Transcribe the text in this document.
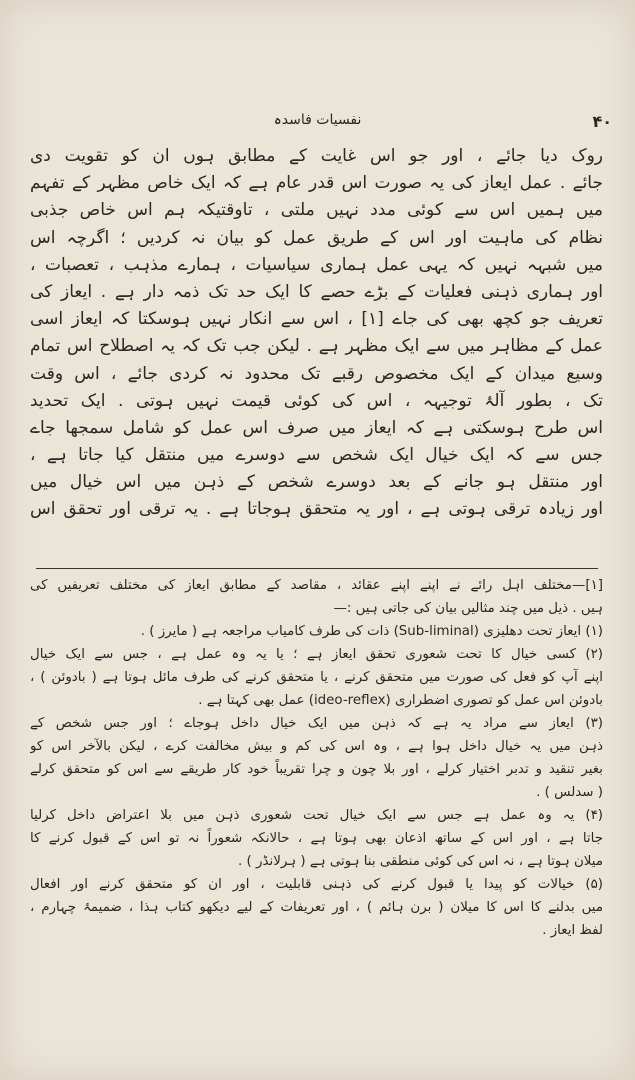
۴۰
نفسیات فاسدہ
روک دیا جائے ، اور جو اس غایت کے مطابق ہوں ان کو تقویت دی
جائے . عمل ایعاز کی یہ صورت اس قدر عام ہے کہ ایک خاص مظہر کے تفہم
میں ہمیں اس سے کوئی مدد نہیں ملتی ، تاوقتیکہ ہم اس خاص جذبی
نظام کی ماہیت اور اس کے طریق عمل کو بیان نہ کردیں ؛ اگرچہ اس
میں شبہہ نہیں کہ یہی عمل ہماری سیاسیات ، ہمارے مذہب ، تعصبات ،
اور ہماری ذہنی فعلیات کے بڑے حصے کا ایک حد تک ذمہ دار ہے . ایعاز کی
تعریف جو کچھ بھی کی جاے [۱] ، اس سے انکار نہیں ہوسکتا کہ ایعاز اسی
عمل کے مظاہر میں سے ایک مظہر ہے . لیکن جب تک کہ یہ اصطلاح اس تمام
وسیع میدان کے ایک مخصوص رقبے تک محدود نہ کردی جائے ، اس وقت
تک ، بطور آلۂ توجیہہ ، اس کی کوئی قیمت نہیں ہوتی . ایک تحدید
اس طرح ہوسکتی ہے کہ ایعاز میں صرف اس عمل کو شامل سمجھا جاے
جس سے کہ ایک خیال ایک شخص سے دوسرے میں منتقل کیا جاتا ہے ،
اور منتقل ہو جانے کے بعد دوسرے شخص کے ذہن میں اس خیال میں
اور زیادہ ترقی ہوتی ہے ، اور یہ متحقق ہوجاتا ہے . یہ ترقی اور تحقق اس
[۱]—مختلف اہل رائے نے اپنے اپنے عقائد ، مقاصد کے مطابق ایعاز کی مختلف تعریفیں کی
ہیں . ذیل میں چند مثالیں بیان کی جاتی ہیں :—
(۱) ایعاز تحت دھلیزی (Sub-liminal) ذات کی طرف کامیاب مراجعہ ہے ( مایرز ) .
(۲) کسی خیال کا تحت شعوری تحقق ایعاز ہے ؛ یا یہ وہ عمل ہے ، جس سے ایک خیال
اپنے آپ کو فعل کی صورت میں متحقق کرنے ، یا متحقق کرنے کی طرف مائل ہوتا ہے ( بادوئن ) ،
بادوئن اس عمل کو تصوری اضطراری (ideo-reflex) عمل بھی کہتا ہے .
(۳) ایعاز سے مراد یہ ہے کہ ذہن میں ایک خیال داخل ہوجاے ؛ اور جس شخص کے
ذہن میں یہ خیال داخل ہوا ہے ، وہ اس کی کم و بیش مخالفت کرے ، لیکن بالآخر اس کو
بغیر تنقید و تدبر اختیار کرلے ، اور بلا چون و چرا تقریباً خود کار طریقے سے اس کو متحقق کرلے
( سدلس ) .
(۴) یہ وہ عمل ہے جس سے ایک خیال تحت شعوری ذہن میں بلا اعتراض داخل کرلیا
جاتا ہے ، اور اس کے ساتھ اذعان بھی ہوتا ہے ، حالانکہ شعوراً نہ تو اس کے قبول کرنے کا
میلان ہوتا ہے ، نہ اس کی کوئی منطقی بنا ہوتی ہے ( ہرلانڈر ) .
(۵) خیالات کو پیدا یا قبول کرنے کی ذہنی قابلیت ، اور ان کو متحقق کرنے اور افعال
میں بدلنے کا اس کا میلان ( برن ہائم ) ، اور تعریفات کے لیے دیکھو کتاب ہذا ، ضمیمۂ چہارم ،
لفظ ایعاز .
